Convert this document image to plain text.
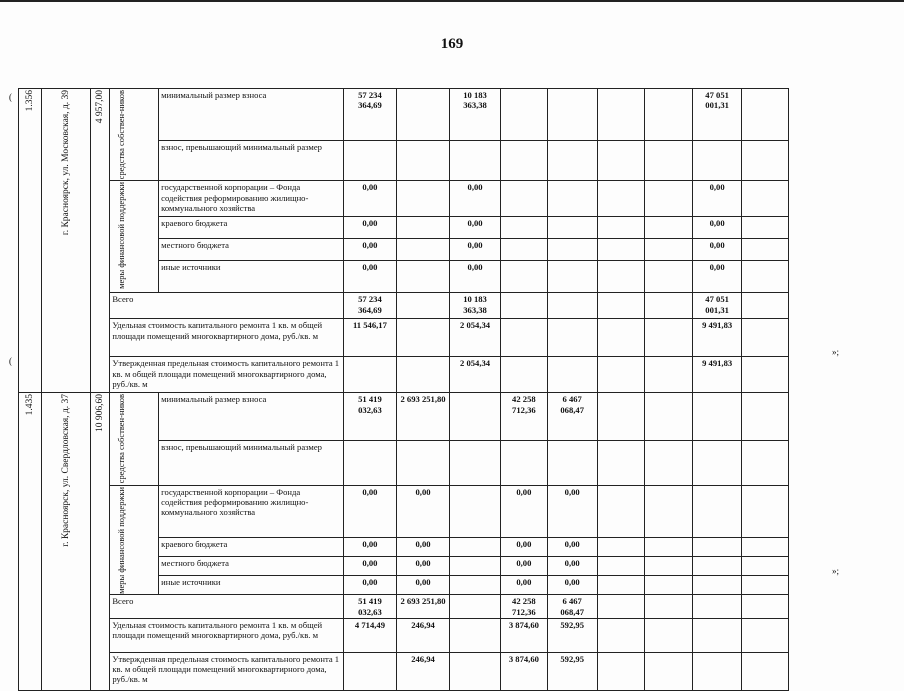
169
(
(
»;
»;
1.356	г. Красноярск, ул. Московская, д. 39	4 957,00	средства собствен-ников	минимальный размер взноса	57 234 364,69		10 183 363,38					47 051 001,31	
				взнос, превышающий минимальный размер									

			меры финансовой поддержки	государственной корпорации – Фонда содействия реформированию жилищно-коммунального хозяйства	0,00		0,00					0,00	
				краевого бюджета	0,00		0,00					0,00	
				местного бюджета	0,00		0,00					0,00	
				иные источники	0,00		0,00					0,00	
			Всего		57 234 364,69		10 183 363,38					47 051 001,31	
			Удельная стоимость капитального ремонта 1 кв. м общей площади помещений многоквартирного дома, руб./кв. м		11 546,17		2 054,34					9 491,83	
			Утвержденная предельная стоимость капитального ремонта 1 кв. м общей площади помещений многоквартирного дома, руб./кв. м				2 054,34					9 491,83	

1.435	г. Красноярск, ул. Свердловская, д. 37	10 906,60	средства собствен-ников	минимальный размер взноса	51 419 032,63	2 693 251,80		42 258 712,36	6 467 068,47				
				взнос, превышающий минимальный размер									

			меры финансовой поддержки	государственной корпорации – Фонда содействия реформированию жилищно-коммунального хозяйства	0,00	0,00		0,00	0,00				
				краевого бюджета	0,00	0,00		0,00	0,00				
				местного бюджета	0,00	0,00		0,00	0,00				
				иные источники	0,00	0,00		0,00	0,00				
			Всего		51 419 032,63	2 693 251,80		42 258 712,36	6 467 068,47				
			Удельная стоимость капитального ремонта 1 кв. м общей площади помещений многоквартирного дома, руб./кв. м		4 714,49	246,94		3 874,60	592,95				
			Утвержденная предельная стоимость капитального ремонта 1 кв. м общей площади помещений многоквартирного дома, руб./кв. м			246,94		3 874,60	592,95				
